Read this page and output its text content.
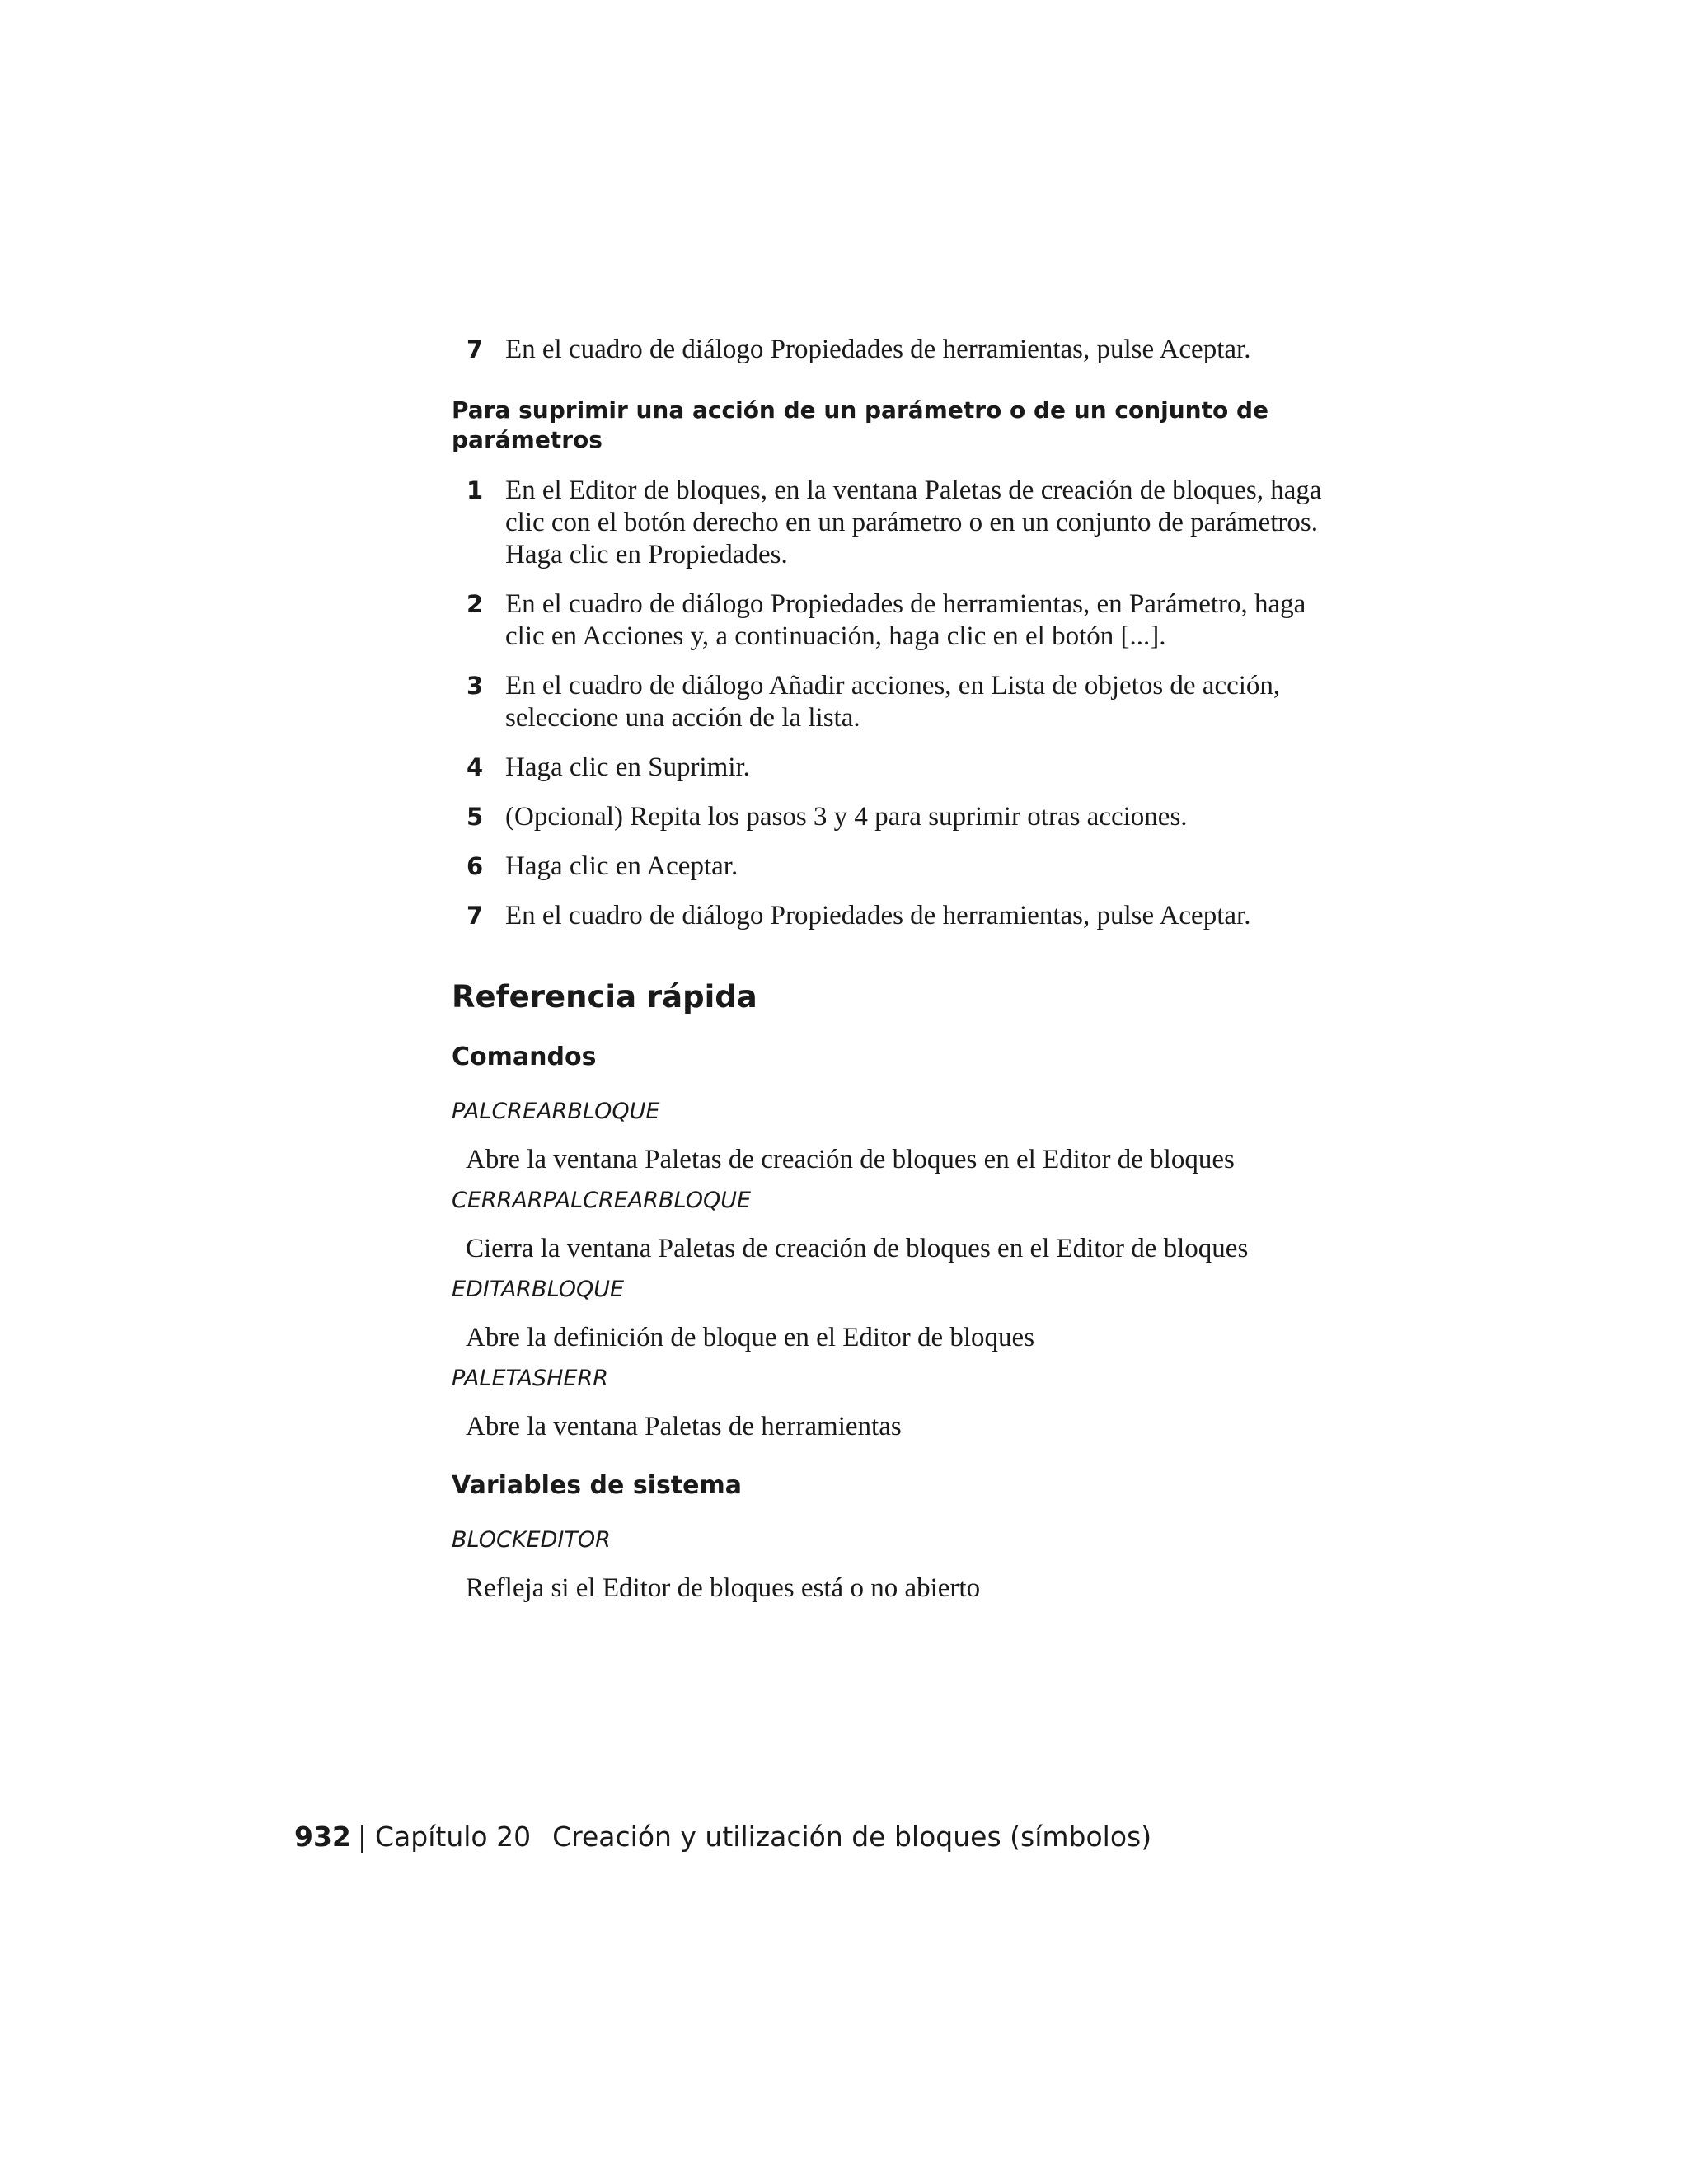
7 En el cuadro de diálogo Propiedades de herramientas, pulse Aceptar.
Para suprimir una acción de un parámetro o de un conjunto de parámetros
1 En el Editor de bloques, en la ventana Paletas de creación de bloques, haga clic con el botón derecho en un parámetro o en un conjunto de parámetros. Haga clic en Propiedades.
2 En el cuadro de diálogo Propiedades de herramientas, en Parámetro, haga clic en Acciones y, a continuación, haga clic en el botón [...].
3 En el cuadro de diálogo Añadir acciones, en Lista de objetos de acción, seleccione una acción de la lista.
4 Haga clic en Suprimir.
5 (Opcional) Repita los pasos 3 y 4 para suprimir otras acciones.
6 Haga clic en Aceptar.
7 En el cuadro de diálogo Propiedades de herramientas, pulse Aceptar.
Referencia rápida
Comandos
PALCREARBLOQUE
Abre la ventana Paletas de creación de bloques en el Editor de bloques
CERRARPALCREARBLOQUE
Cierra la ventana Paletas de creación de bloques en el Editor de bloques
EDITARBLOQUE
Abre la definición de bloque en el Editor de bloques
PALETASHERR
Abre la ventana Paletas de herramientas
Variables de sistema
BLOCKEDITOR
Refleja si el Editor de bloques está o no abierto
932 | Capítulo 20 Creación y utilización de bloques (símbolos)
